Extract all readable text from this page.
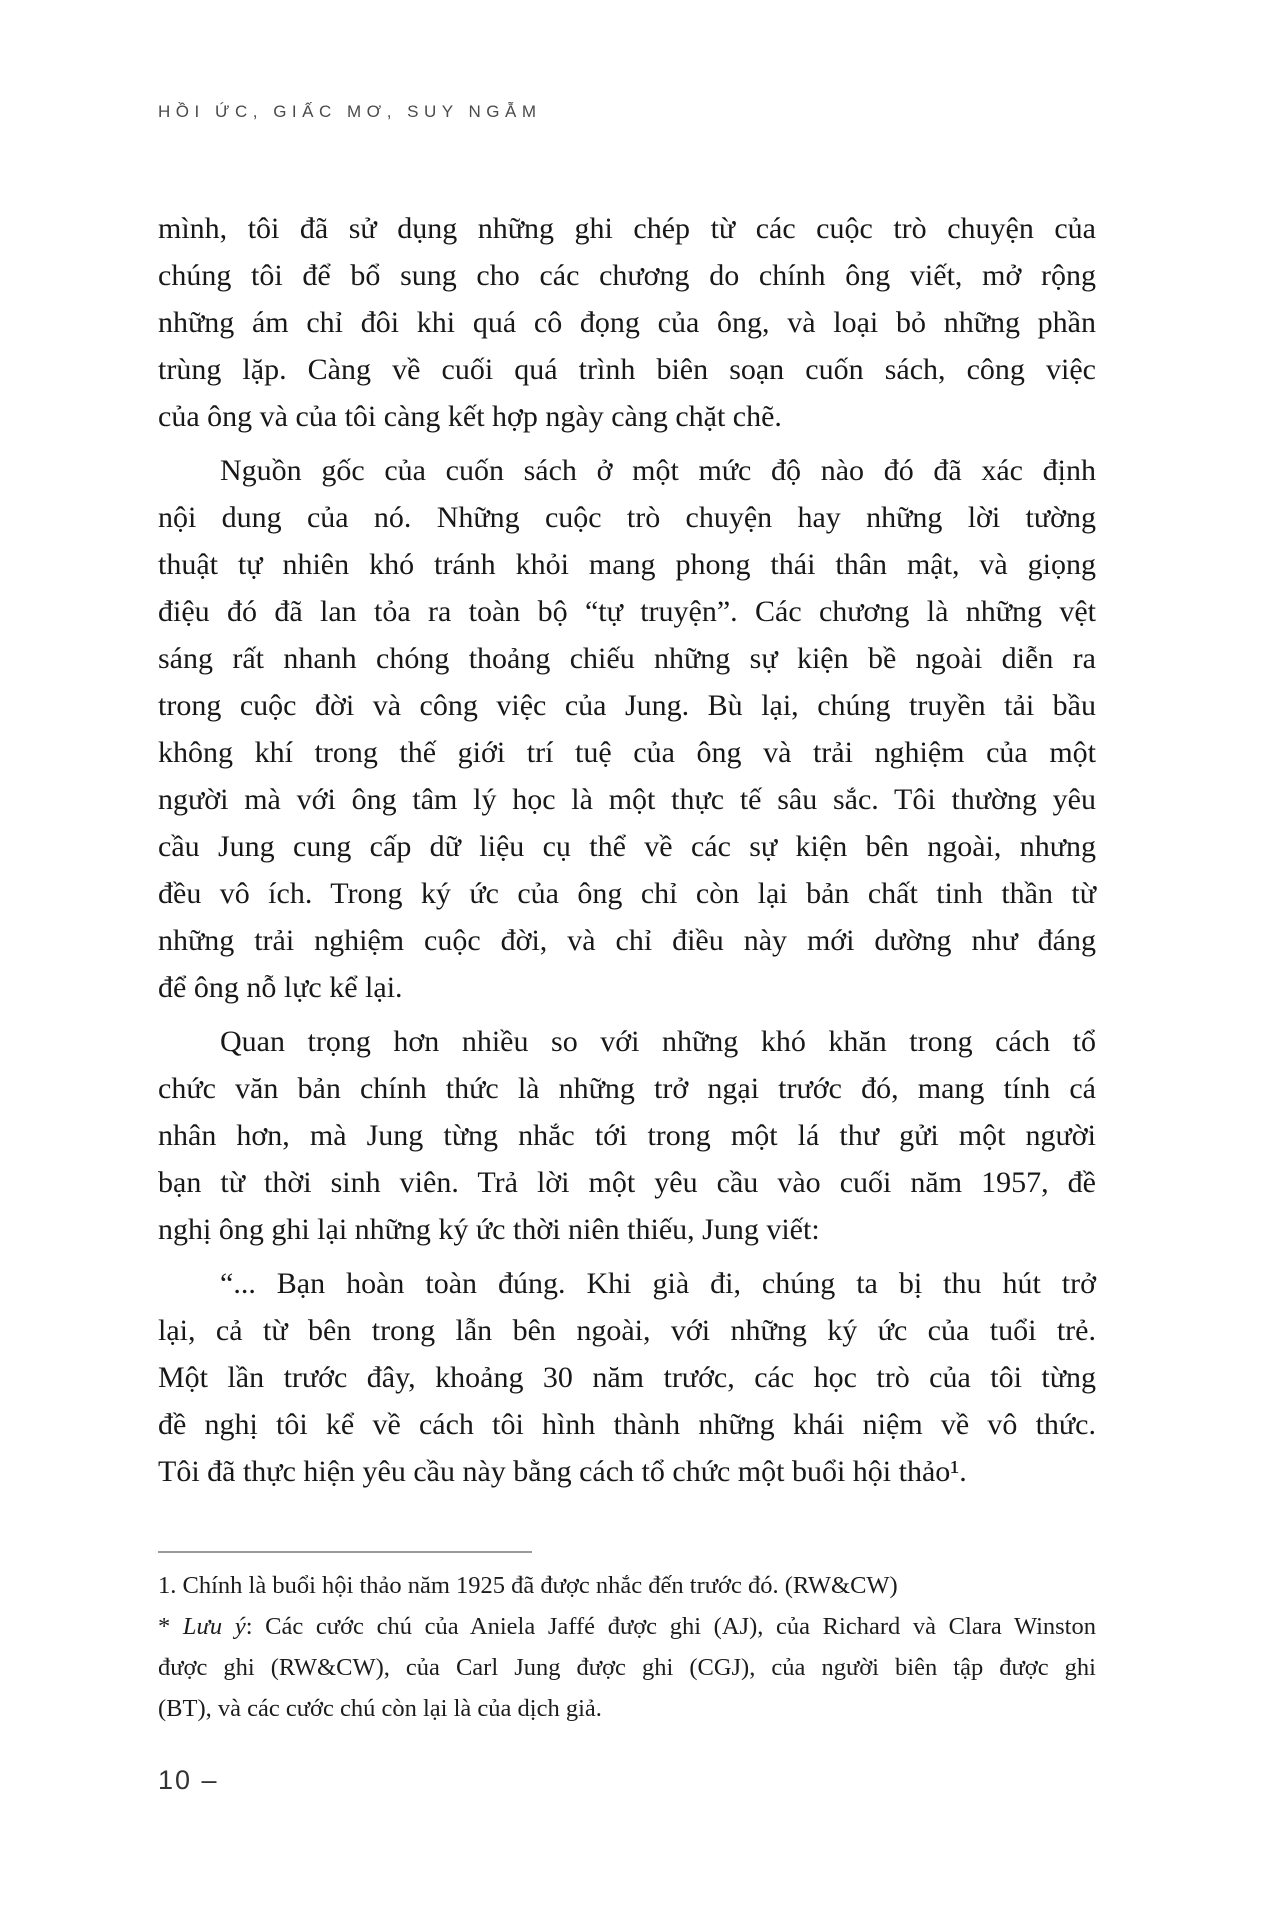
HỒI ỨC, GIẤC MƠ, SUY NGẪM
mình, tôi đã sử dụng những ghi chép từ các cuộc trò chuyện của
chúng tôi để bổ sung cho các chương do chính ông viết, mở rộng
những ám chỉ đôi khi quá cô đọng của ông, và loại bỏ những phần
trùng lặp. Càng về cuối quá trình biên soạn cuốn sách, công việc
của ông và của tôi càng kết hợp ngày càng chặt chẽ.
Nguồn gốc của cuốn sách ở một mức độ nào đó đã xác định
nội dung của nó. Những cuộc trò chuyện hay những lời tường
thuật tự nhiên khó tránh khỏi mang phong thái thân mật, và giọng
điệu đó đã lan tỏa ra toàn bộ “tự truyện”. Các chương là những vệt
sáng rất nhanh chóng thoảng chiếu những sự kiện bề ngoài diễn ra
trong cuộc đời và công việc của Jung. Bù lại, chúng truyền tải bầu
không khí trong thế giới trí tuệ của ông và trải nghiệm của một
người mà với ông tâm lý học là một thực tế sâu sắc. Tôi thường yêu
cầu Jung cung cấp dữ liệu cụ thể về các sự kiện bên ngoài, nhưng
đều vô ích. Trong ký ức của ông chỉ còn lại bản chất tinh thần từ
những trải nghiệm cuộc đời, và chỉ điều này mới dường như đáng
để ông nỗ lực kể lại.
Quan trọng hơn nhiều so với những khó khăn trong cách tổ
chức văn bản chính thức là những trở ngại trước đó, mang tính cá
nhân hơn, mà Jung từng nhắc tới trong một lá thư gửi một người
bạn từ thời sinh viên. Trả lời một yêu cầu vào cuối năm 1957, đề
nghị ông ghi lại những ký ức thời niên thiếu, Jung viết:
“... Bạn hoàn toàn đúng. Khi già đi, chúng ta bị thu hút trở
lại, cả từ bên trong lẫn bên ngoài, với những ký ức của tuổi trẻ.
Một lần trước đây, khoảng 30 năm trước, các học trò của tôi từng
đề nghị tôi kể về cách tôi hình thành những khái niệm về vô thức.
Tôi đã thực hiện yêu cầu này bằng cách tổ chức một buổi hội thảo¹.
1. Chính là buổi hội thảo năm 1925 đã được nhắc đến trước đó. (RW&CW)
* Lưu ý: Các cước chú của Aniela Jaffé được ghi (AJ), của Richard và Clara Winston
được ghi (RW&CW), của Carl Jung được ghi (CGJ), của người biên tập được ghi
(BT), và các cước chú còn lại là của dịch giả.
10 –
